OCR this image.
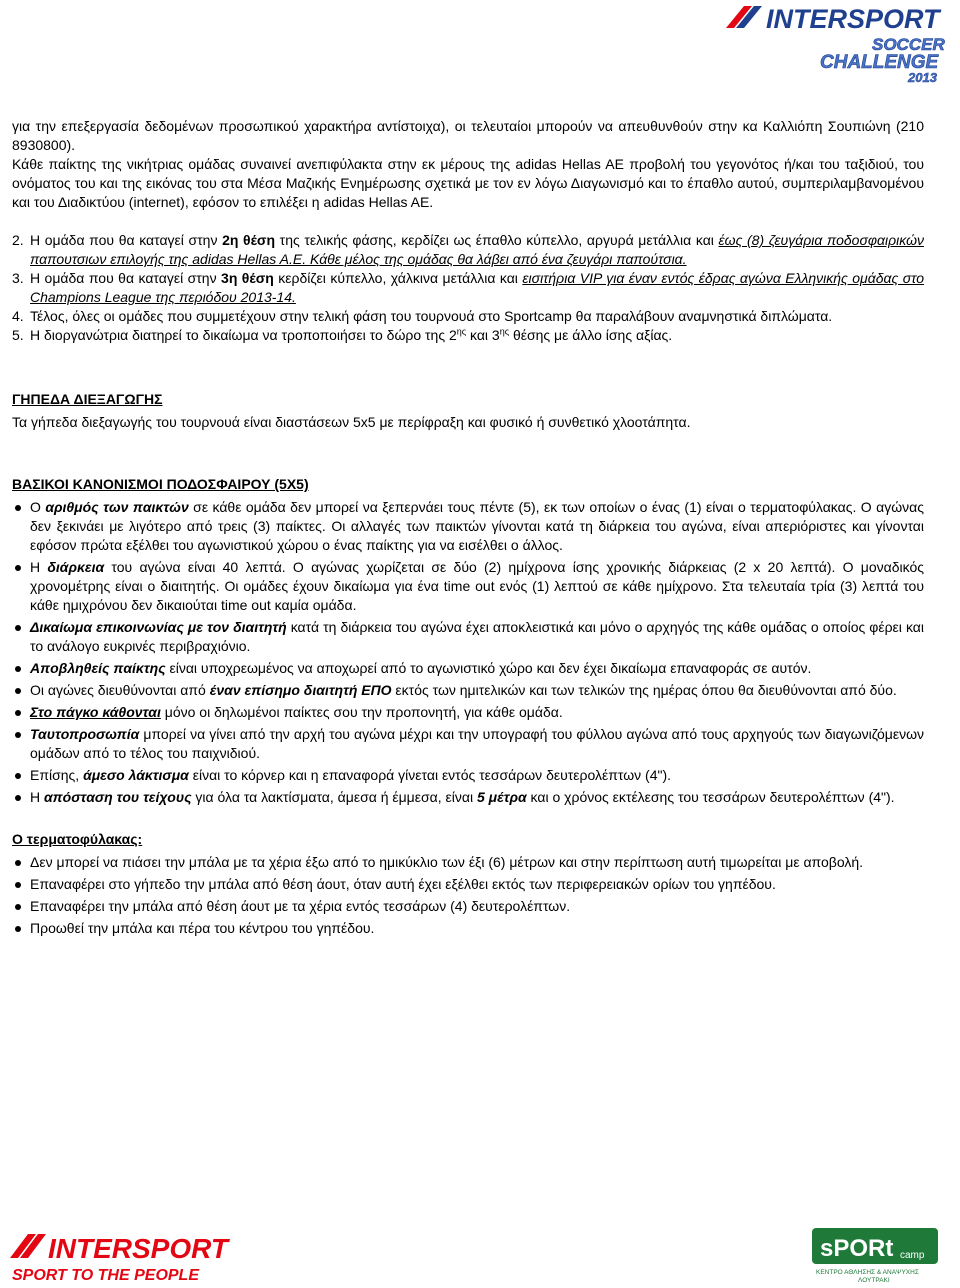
INTERSPORT
SOCCER
CHALLENGE
2013

για την επεξεργασία δεδομένων προσωπικού χαρακτήρα αντίστοιχα), οι τελευταίοι μπορούν να απευθυνθούν στην κα Καλλιόπη Σουπιώνη (210 8930800).

Κάθε παίκτης της νικήτριας ομάδας συναινεί ανεπιφύλακτα στην εκ μέρους της adidas Hellas AE προβολή του γεγονότος ή/και του ταξιδιού, του ονόματος του και της εικόνας του στα Μέσα Μαζικής Ενημέρωσης σχετικά με τον εν λόγω Διαγωνισμό και το έπαθλο αυτού, συμπεριλαμβανομένου και του Διαδικτύου (internet), εφόσον το επιλέξει η adidas Hellas AE.

2. Η ομάδα που θα καταγεί στην 2η θέση της τελικής φάσης, κερδίζει ως έπαθλο κύπελλο, αργυρά μετάλλια και έως (8) ζευγάρια ποδοσφαιρικών παπουτσιων επιλογής της adidas Hellas A.E. Κάθε μέλος της ομάδας θα λάβει από ένα ζευγάρι παπούτσια.
3. Η ομάδα που θα καταγεί στην 3η θέση κερδίζει κύπελλο, χάλκινα μετάλλια και εισιτήρια VIP για έναν εντός έδρας αγώνα Ελληνικής ομάδας στο Champions League της περιόδου 2013-14.
4. Τέλος, όλες οι ομάδες που συμμετέχουν στην τελική φάση του τουρνουά στο Sportcamp θα παραλάβουν αναμνηστικά διπλώματα.
5. Η διοργανώτρια διατηρεί το δικαίωμα να τροποποιήσει το δώρο της $2^{\eta\varsigma}$ και $3^{\eta\varsigma}$ θέσης με άλλο ίσης αξίας.

ΓΗΠΕΔΑ ΔΙΕΞΑΓΩΓΗΣ

Τα γήπεδα διεξαγωγής του τουρνουά είναι διαστάσεων 5x5 με περίφραξη και φυσικό ή συνθετικό χλοοτάπητα.

ΒΑΣΙΚΟΙ ΚΑΝΟΝΙΣΜΟΙ ΠΟΔΟΣΦΑΙΡΟΥ (5X5)

Ο αριθμός των παικτών σε κάθε ομάδα δεν μπορεί να ξεπερνάει τους πέντε (5), εκ των οποίων ο ένας (1) είναι ο τερματοφύλακας. Ο αγώνας δεν ξεκινάει με λιγότερο από τρεις (3) παίκτες. Οι αλλαγές των παικτών γίνονται κατά τη διάρκεια του αγώνα, είναι απεριόριστες και γίνονται εφόσον πρώτα εξέλθει του αγωνιστικού χώρου ο ένας παίκτης για να εισέλθει ο άλλος.
Η διάρκεια του αγώνα είναι 40 λεπτά. Ο αγώνας χωρίζεται σε δύο (2) ημίχρονα ίσης χρονικής διάρκειας (2 x 20 λεπτά). Ο μοναδικός χρονομέτρης είναι ο διαιτητής. Οι ομάδες έχουν δικαίωμα για ένα time out ενός (1) λεπτού σε κάθε ημίχρονο. Στα τελευταία τρία (3) λεπτά του κάθε ημιχρόνου δεν δικαιούται time out καμία ομάδα.
Δικαίωμα επικοινωνίας με τον διαιτητή κατά τη διάρκεια του αγώνα έχει αποκλειστικά και μόνο ο αρχηγός της κάθε ομάδας ο οποίος φέρει και το ανάλογο ευκρινές περιβραχιόνιο.
Αποβληθείς παίκτης είναι υποχρεωμένος να αποχωρεί από το αγωνιστικό χώρο και δεν έχει δικαίωμα επαναφοράς σε αυτόν.
Οι αγώνες διευθύνονται από έναν επίσημο διαιτητή ΕΠΟ εκτός των ημιτελικών και των τελικών της ημέρας όπου θα διευθύνονται από δύο.
Στο πάγκο κάθονται μόνο οι δηλωμένοι παίκτες σου την προπονητή, για κάθε ομάδα.
Ταυτοπροσωπία μπορεί να γίνει από την αρχή του αγώνα μέχρι και την υπογραφή του φύλλου αγώνα από τους αρχηγούς των διαγωνιζόμενων ομάδων από το τέλος του παιχνιδιού.
Επίσης, άμεσο λάκτισμα είναι το κόρνερ και η επαναφορά γίνεται εντός τεσσάρων δευτερολέπτων (4").
Η απόσταση του τείχους για όλα τα λακτίσματα, άμεσα ή έμμεσα, είναι 5 μέτρα και ο χρόνος εκτέλεσης του τεσσάρων δευτερολέπτων (4").

Ο τερματοφύλακας:

Δεν μπορεί να πιάσει την μπάλα με τα χέρια έξω από το ημικύκλιο των έξι (6) μέτρων και στην περίπτωση αυτή τιμωρείται με αποβολή.
Επαναφέρει στο γήπεδο την μπάλα από θέση άουτ, όταν αυτή έχει εξέλθει εκτός των περιφερειακών ορίων του γηπέδου.
Επαναφέρει την μπάλα από θέση άουτ με τα χέρια εντός τεσσάρων (4) δευτερολέπτων.
Προωθεί την μπάλα και πέρα του κέντρου του γηπέδου.
INTERSPORT
SPORT TO THE PEOPLE
sPORt camp
ΚΕΝΤΡΟ ΑΘΛΗΣΗΣ & ΑΝΑΨΥΧΗΣ
ΛΟΥΤΡΑΚΙ
